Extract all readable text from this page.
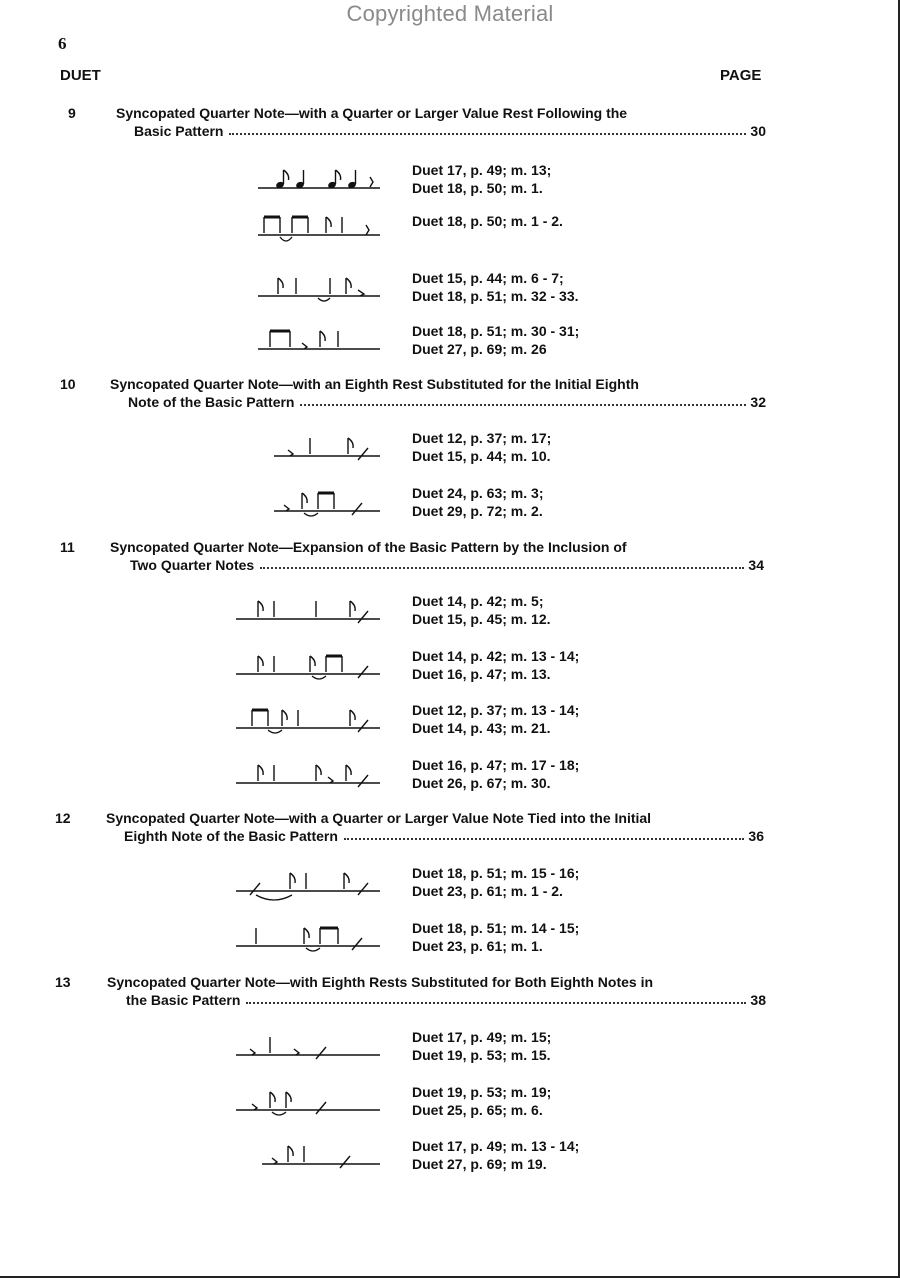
Copyrighted Material
6
DUET	PAGE
9	Syncopated Quarter Note—with a Quarter or Larger Value Rest Following the
Basic Pattern	30
Duet 17, p. 49; m. 13;
Duet 18, p. 50; m. 1.
Duet 18, p. 50; m. 1 - 2.
Duet 15, p. 44; m. 6 - 7;
Duet 18, p. 51; m. 32 - 33.
Duet 18, p. 51; m. 30 - 31;
Duet 27, p. 69; m. 26
10	Syncopated Quarter Note—with an Eighth Rest Substituted for the Initial Eighth
Note of the Basic Pattern	32
Duet 12, p. 37; m. 17;
Duet 15, p. 44; m. 10.
Duet 24, p. 63; m. 3;
Duet 29, p. 72; m. 2.
11	Syncopated Quarter Note—Expansion of the Basic Pattern by the Inclusion of
Two Quarter Notes	34
Duet 14, p. 42; m. 5;
Duet 15, p. 45; m. 12.
Duet 14, p. 42; m. 13 - 14;
Duet 16, p. 47; m. 13.
Duet 12, p. 37; m. 13 - 14;
Duet 14, p. 43; m. 21.
Duet 16, p. 47; m. 17 - 18;
Duet 26, p. 67; m. 30.
12	Syncopated Quarter Note—with a Quarter or Larger Value Note Tied into the Initial
Eighth Note of the Basic Pattern	36
Duet 18, p. 51; m. 15 - 16;
Duet 23, p. 61; m. 1 - 2.
Duet 18, p. 51; m. 14 - 15;
Duet 23, p. 61; m. 1.
13	Syncopated Quarter Note—with Eighth Rests Substituted for Both Eighth Notes in
the Basic Pattern	38
Duet 17, p. 49; m. 15;
Duet 19, p. 53; m. 15.
Duet 19, p. 53; m. 19;
Duet 25, p. 65; m. 6.
Duet 17, p. 49; m. 13 - 14;
Duet 27, p. 69; m 19.
